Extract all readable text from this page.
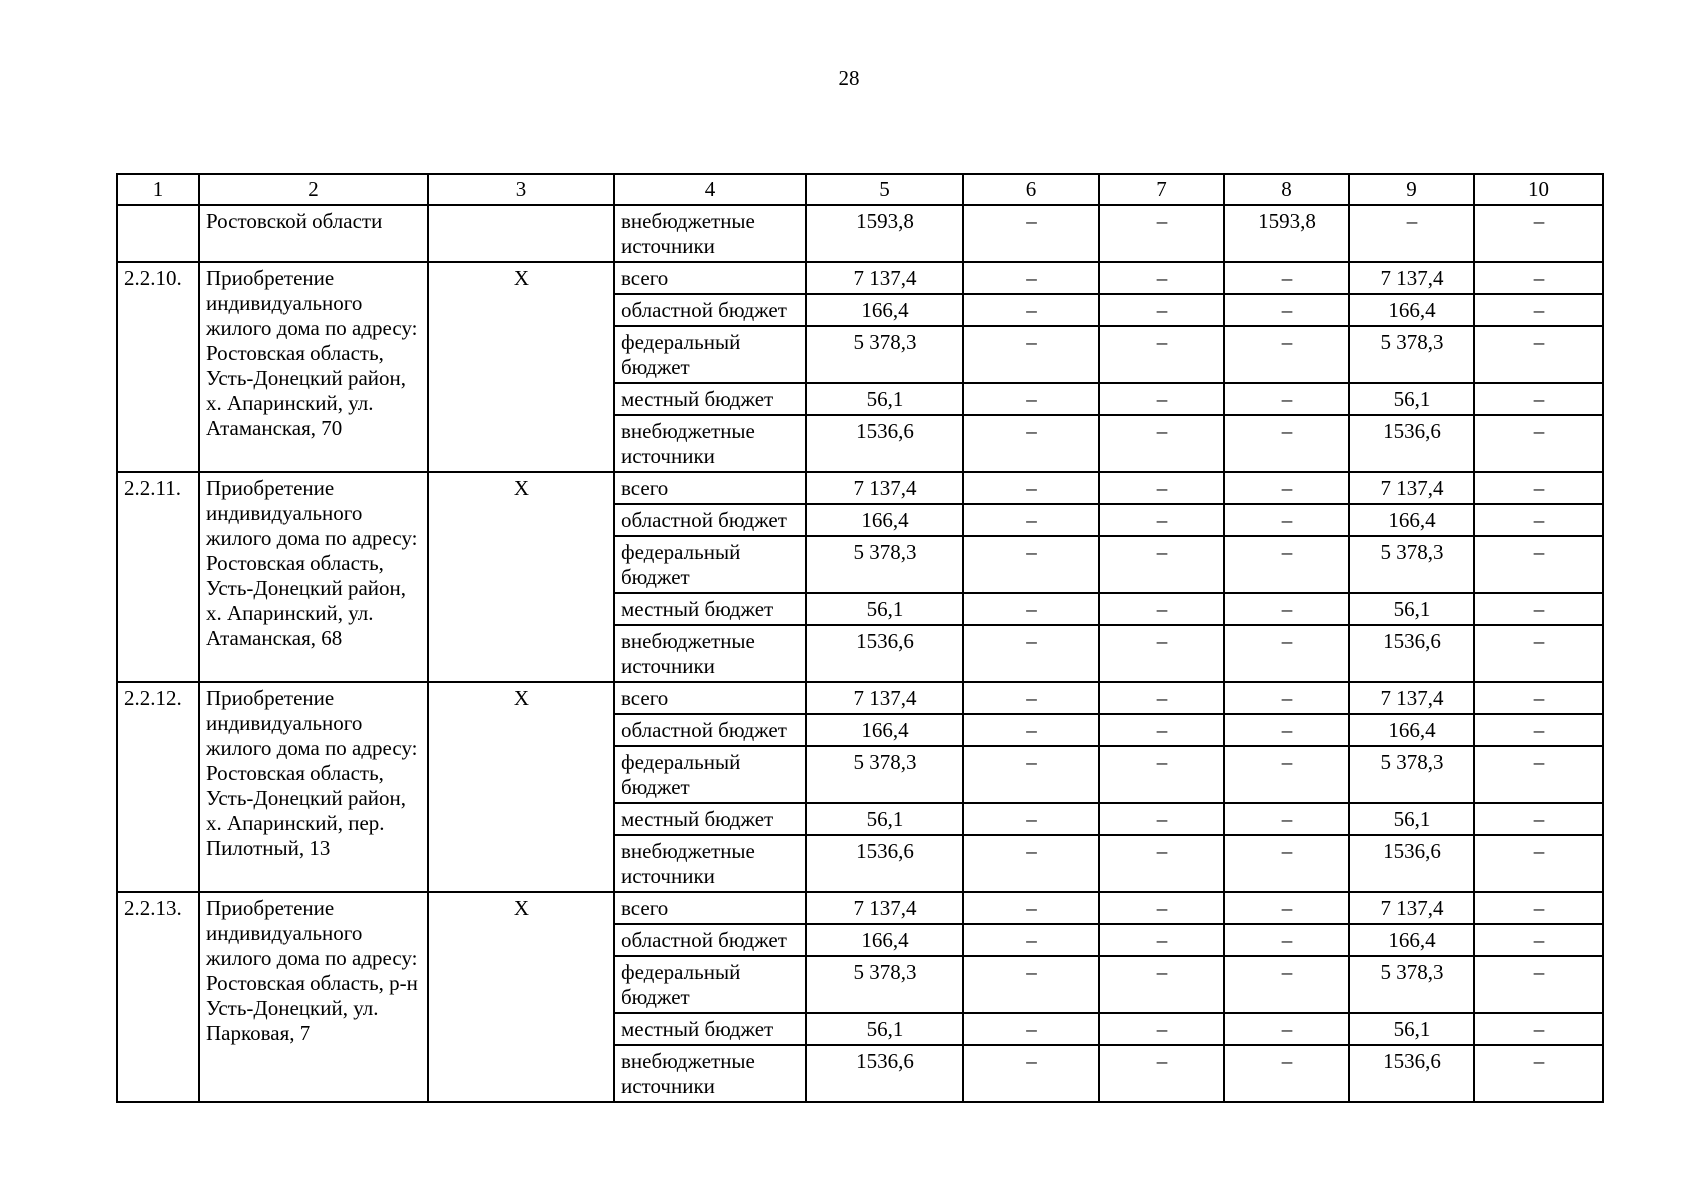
28
1	2	3	4	5	6	7	8	9	10
	Ростовской области		внебюджетные источники	1593,8	–	–	1593,8	–	–
2.2.10.	Приобретение индивидуального жилого дома по адресу: Ростовская область, Усть-Донецкий район, х. Апаринский, ул. Атаманская, 70	X	всего	7 137,4	–	–	–	7 137,4	–
			областной бюджет	166,4	–	–	–	166,4	–
			федеральный бюджет	5 378,3	–	–	–	5 378,3	–
			местный бюджет	56,1	–	–	–	56,1	–
			внебюджетные источники	1536,6	–	–	–	1536,6	–
2.2.11.	Приобретение индивидуального жилого дома по адресу: Ростовская область, Усть-Донецкий район, х. Апаринский, ул. Атаманская, 68	X	всего	7 137,4	–	–	–	7 137,4	–
			областной бюджет	166,4	–	–	–	166,4	–
			федеральный бюджет	5 378,3	–	–	–	5 378,3	–
			местный бюджет	56,1	–	–	–	56,1	–
			внебюджетные источники	1536,6	–	–	–	1536,6	–
2.2.12.	Приобретение индивидуального жилого дома по адресу: Ростовская область, Усть-Донецкий район, х. Апаринский, пер. Пилотный, 13	X	всего	7 137,4	–	–	–	7 137,4	–
			областной бюджет	166,4	–	–	–	166,4	–
			федеральный бюджет	5 378,3	–	–	–	5 378,3	–
			местный бюджет	56,1	–	–	–	56,1	–
			внебюджетные источники	1536,6	–	–	–	1536,6	–
2.2.13.	Приобретение индивидуального жилого дома по адресу: Ростовская область, р-н Усть-Донецкий, ул. Парковая, 7	X	всего	7 137,4	–	–	–	7 137,4	–
			областной бюджет	166,4	–	–	–	166,4	–
			федеральный бюджет	5 378,3	–	–	–	5 378,3	–
			местный бюджет	56,1	–	–	–	56,1	–
			внебюджетные источники	1536,6	–	–	–	1536,6	–
